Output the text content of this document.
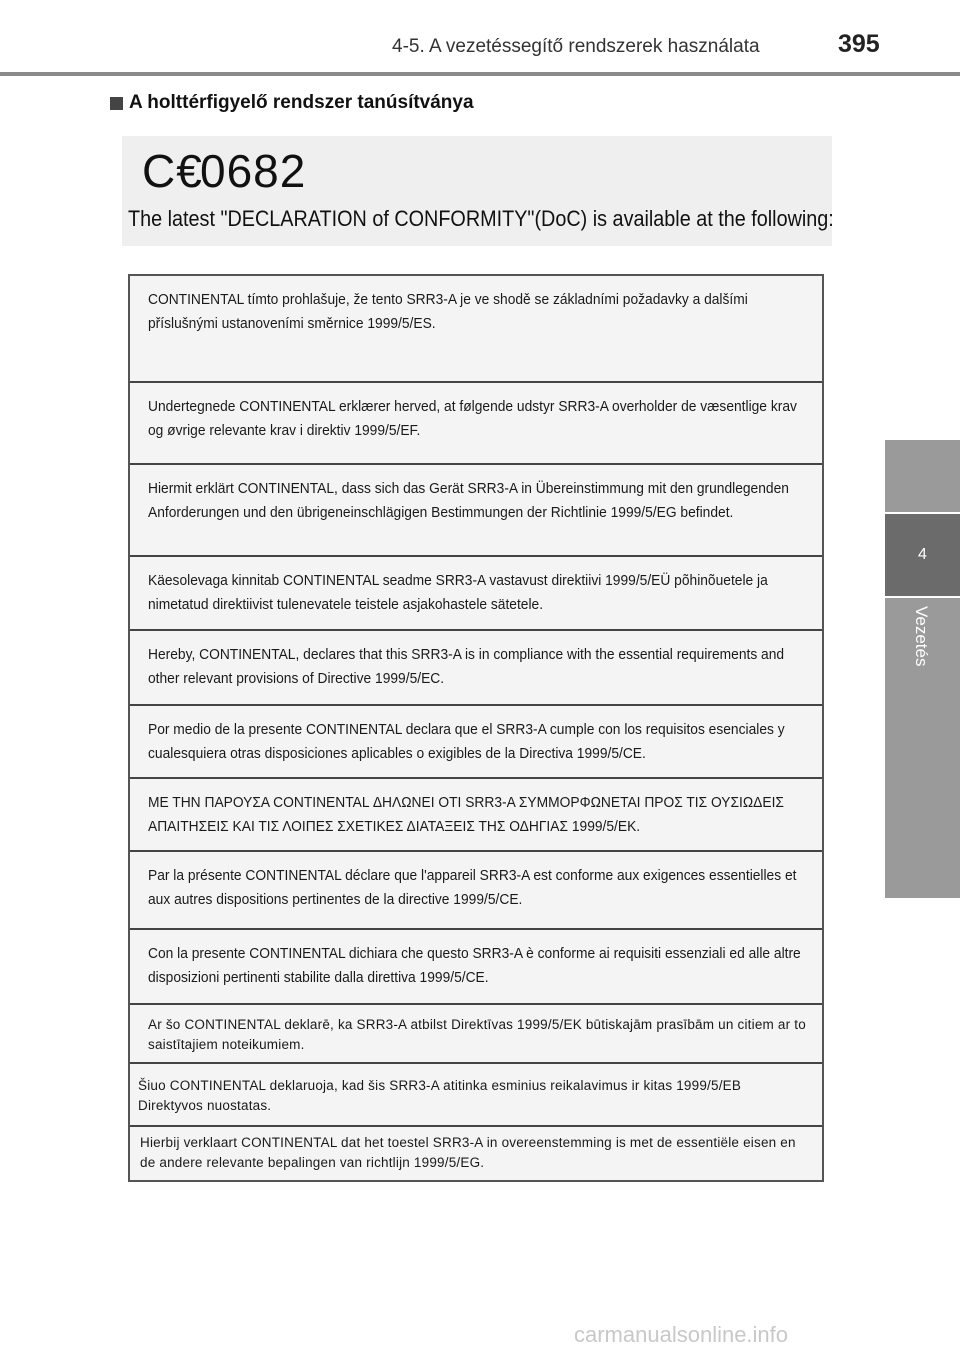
4-5. A vezetéssegítő rendszerek használata	395
A holttérfigyelő rendszer tanúsítványa
4
Vezetés
C€
0682
The latest "DECLARATION of CONFORMITY"(DoC) is available at the following:
CONTINENTAL tímto prohlašuje, že tento SRR3-A je ve shodě se základními požadavky a dalšími příslušnými ustanoveními směrnice 1999/5/ES.
Undertegnede CONTINENTAL erklærer herved, at følgende udstyr SRR3-A overholder de væsentlige krav og øvrige relevante krav i direktiv 1999/5/EF.
Hiermit erklärt CONTINENTAL, dass sich das Gerät SRR3-A in Übereinstimmung mit den grundlegenden Anforderungen und den übrigeneinschlägigen Bestimmungen der Richtlinie 1999/5/EG befindet.
Käesolevaga kinnitab CONTINENTAL seadme SRR3-A vastavust direktiivi 1999/5/EÜ põhinõuetele ja nimetatud direktiivist tulenevatele teistele asjakohastele sätetele.
Hereby, CONTINENTAL, declares that this SRR3-A is in compliance with the essential requirements and other relevant provisions of Directive 1999/5/EC.
Por medio de la presente CONTINENTAL declara que el SRR3-A cumple con los requisitos esenciales y cualesquiera otras disposiciones aplicables o exigibles de la Directiva 1999/5/CE.
ΜΕ ΤΗΝ ΠΑΡΟΥΣΑ CONTINENTAL ΔΗΛΩΝΕΙ ΟΤΙ SRR3-A ΣΥΜΜΟΡΦΩΝΕΤΑΙ ΠΡΟΣ ΤΙΣ ΟΥΣΙΩΔΕΙΣ ΑΠΑΙΤΗΣΕΙΣ ΚΑΙ ΤΙΣ ΛΟΙΠΕΣ ΣΧΕΤΙΚΕΣ ΔΙΑΤΑΞΕΙΣ ΤΗΣ ΟΔΗΓΙΑΣ 1999/5/ΕΚ.
Par la présente CONTINENTAL déclare que l'appareil SRR3-A est conforme aux exigences essentielles et aux autres dispositions pertinentes de la directive 1999/5/CE.
Con la presente CONTINENTAL dichiara che questo SRR3-A è conforme ai requisiti essenziali ed alle altre disposizioni pertinenti stabilite dalla direttiva 1999/5/CE.
Ar šo CONTINENTAL deklarē, ka SRR3-A atbilst Direktīvas 1999/5/EK būtiskajām prasībām un citiem ar to saistītajiem noteikumiem.
Šiuo CONTINENTAL deklaruoja, kad šis SRR3-A atitinka esminius reikalavimus ir kitas 1999/5/EB Direktyvos nuostatas.
Hierbij verklaart CONTINENTAL dat het toestel SRR3-A in overeenstemming is met de essentiële eisen en de andere relevante bepalingen van richtlijn 1999/5/EG.
carmanualsonline.info
